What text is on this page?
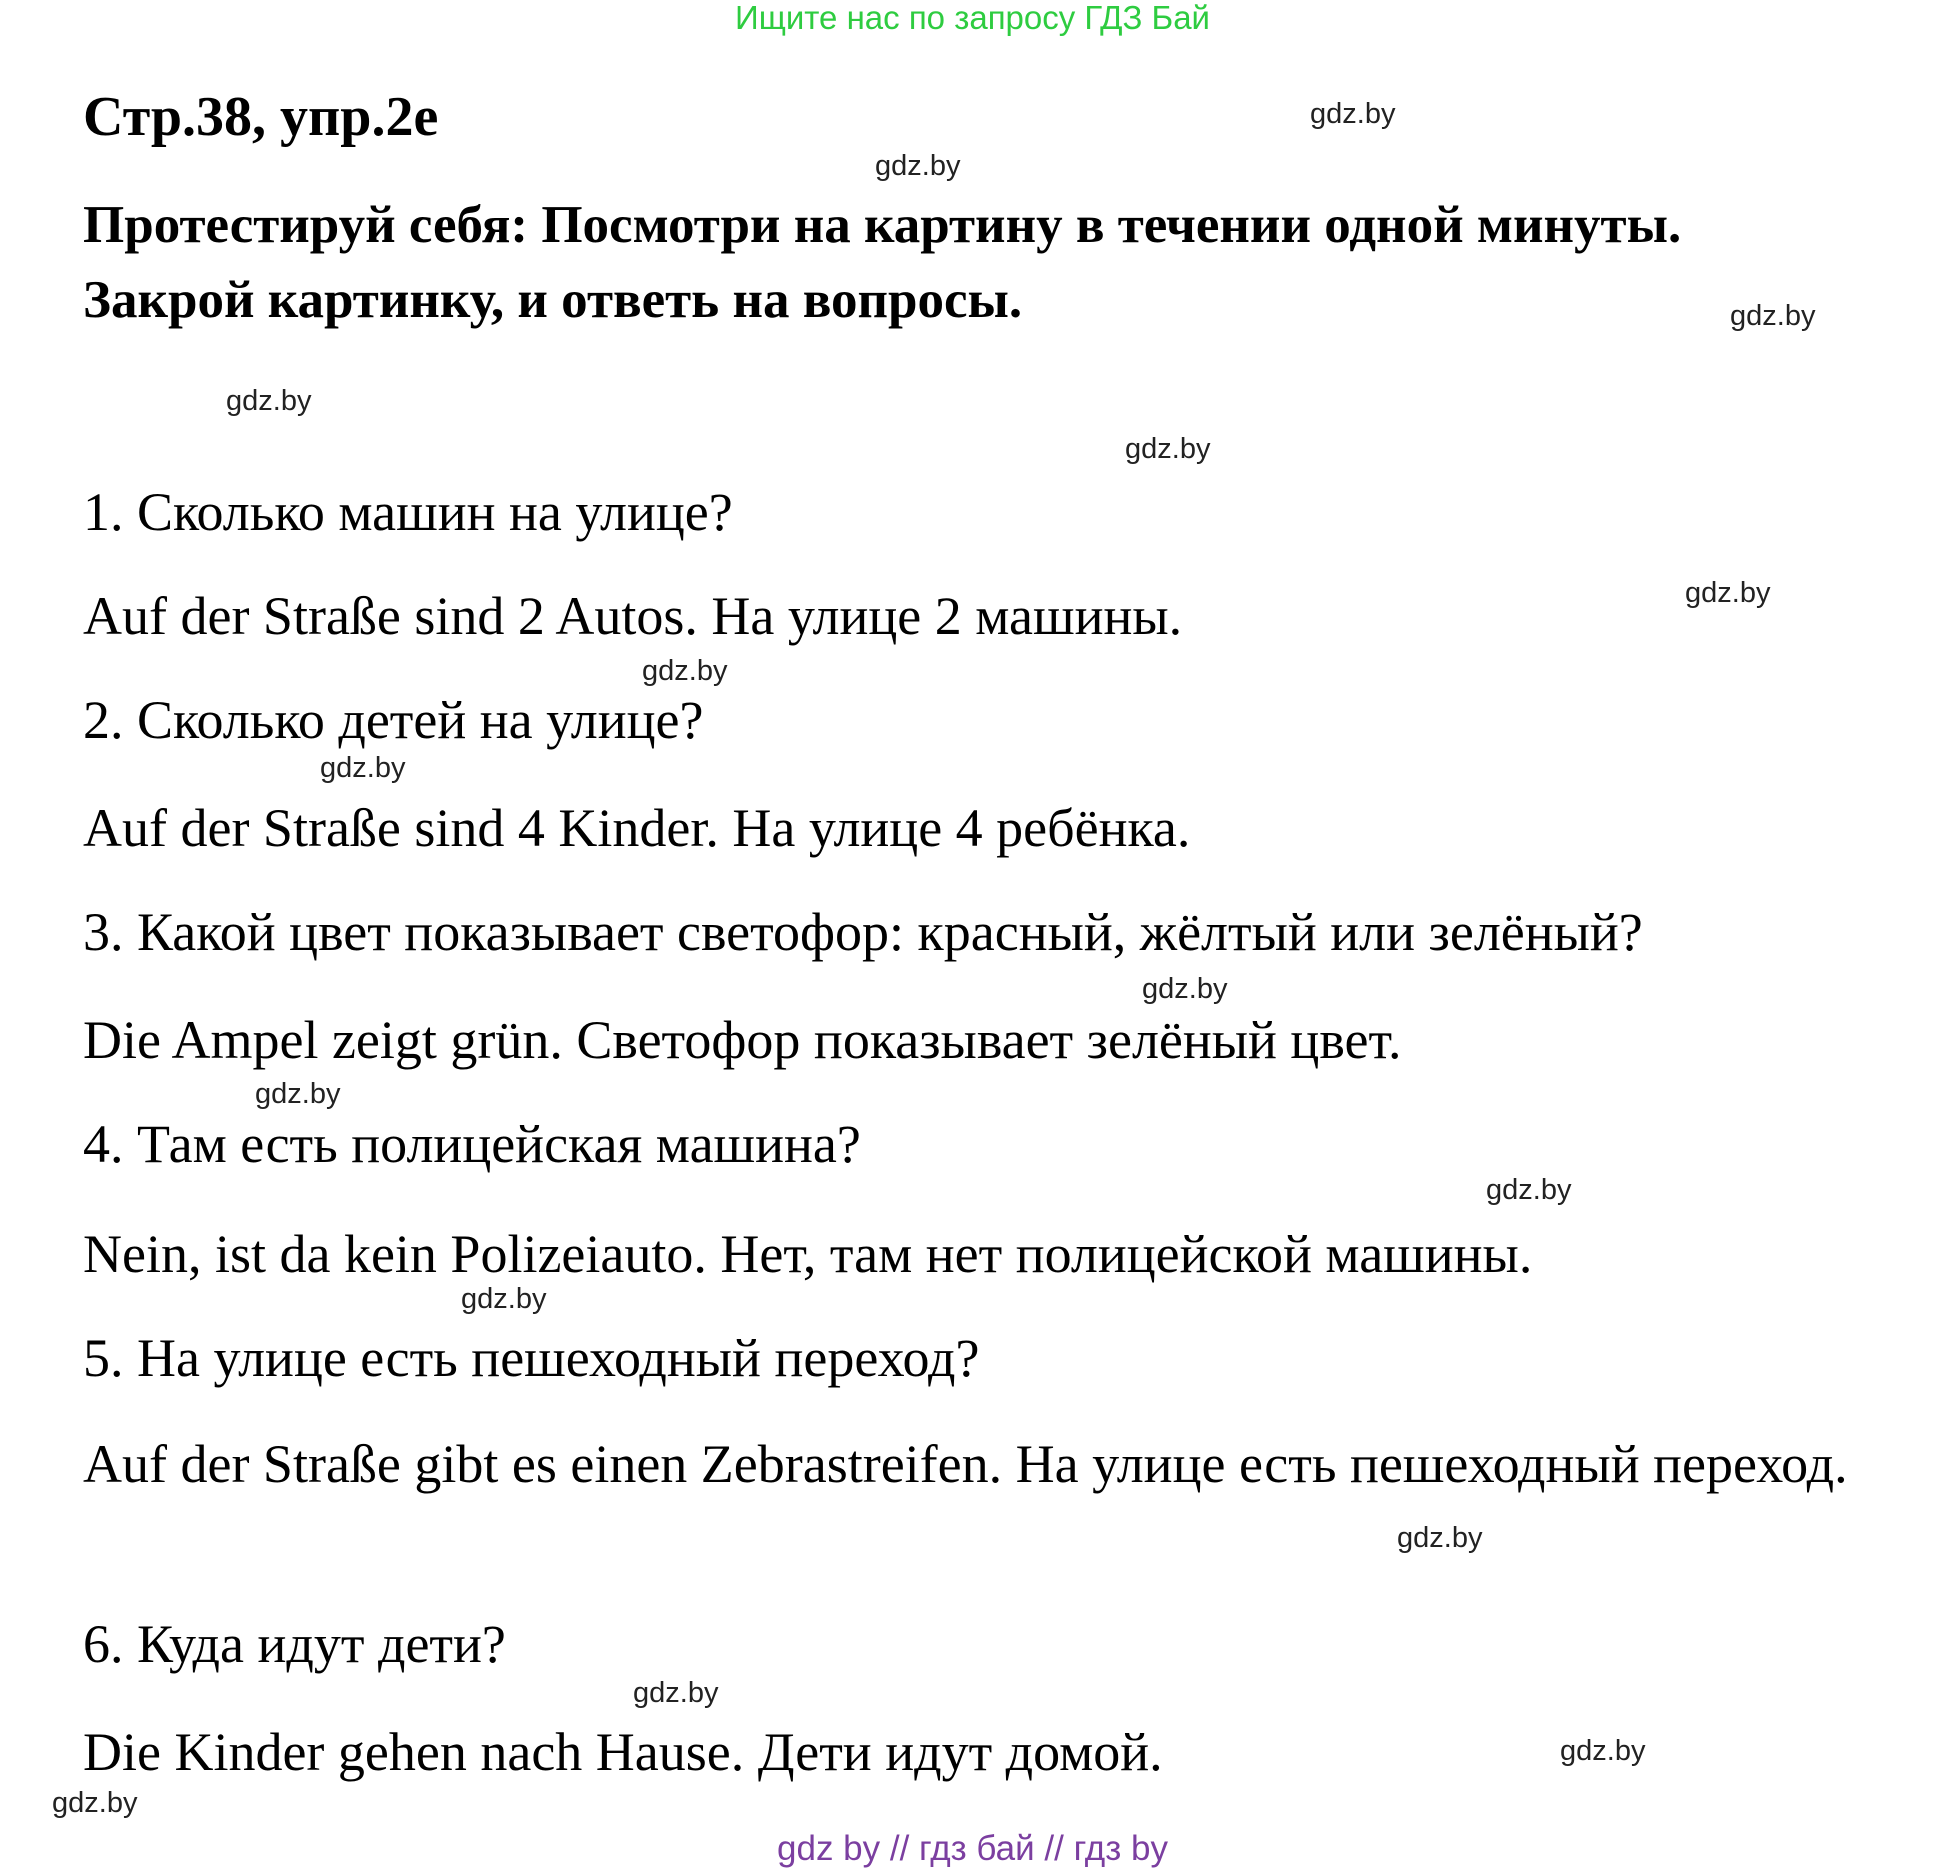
Ищите нас по запросу ГДЗ Бай
Стр.38, упр.2е
Протестируй себя: Посмотри на картину в течении одной минуты.
Закрой картинку, и ответь на вопросы.
1. Сколько машин на улице?
Auf der Straße sind 2 Autos. На улице 2 машины.
2. Сколько детей на улице?
Auf der Straße sind 4 Kinder. На улице 4 ребёнка.
3. Какой цвет показывает светофор: красный, жёлтый или зелёный?
Die Ampel zeigt grün. Светофор показывает зелёный цвет.
4. Там есть полицейская машина?
Nein, ist da kein Polizeiauto. Нет, там нет полицейской машины.
5. На улице есть пешеходный переход?
Auf der Straße gibt es einen Zebrastreifen. На улице есть пешеходный переход.
6. Куда идут дети?
Die Kinder gehen nach Hause. Дети идут домой.
gdz.by
gdz.by
gdz.by
gdz.by
gdz.by
gdz.by
gdz.by
gdz.by
gdz.by
gdz.by
gdz.by
gdz.by
gdz.by
gdz.by
gdz.by
gdz.by
gdz by // гдз бай // гдз by
